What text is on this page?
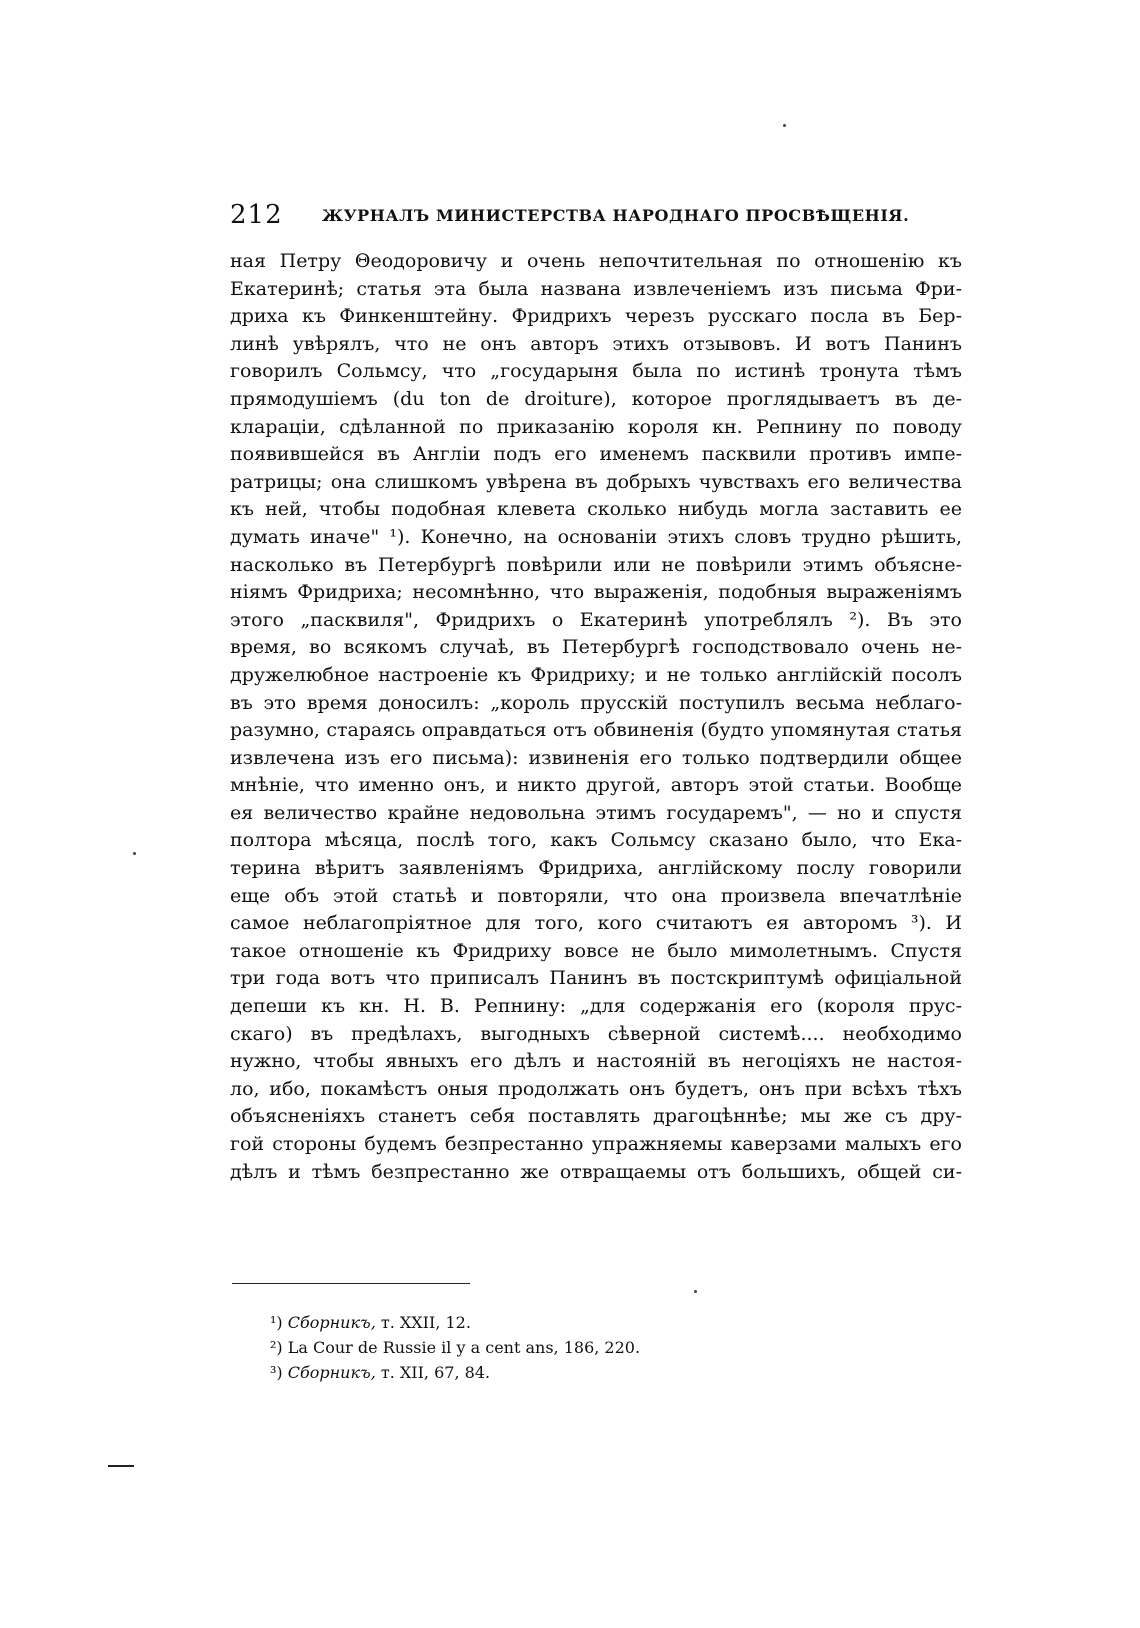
212 ЖУРНАЛЪ МИНИСТЕРСТВА НАРОДНАГО ПРОСВѢЩЕНІЯ.
ная Петру Θеодоровичу и очень непочтительная по отношенію къ
Екатеринѣ; статья эта была названа извлеченіемъ изъ письма Фри-
дриха къ Финкенштейну. Фридрихъ черезъ русскаго посла въ Бер-
линѣ увѣрялъ, что не онъ авторъ этихъ отзывовъ. И вотъ Панинъ
говорилъ Сольмсу, что „государыня была по истинѣ тронута тѣмъ
прямодушіемъ (du ton de droiture), которое проглядываетъ въ де-
клараціи, сдѣланной по приказанію короля кн. Репнину по поводу
появившейся въ Англіи подъ его именемъ пасквили противъ импе-
ратрицы; она слишкомъ увѣрена въ добрыхъ чувствахъ его величества
къ ней, чтобы подобная клевета сколько нибудь могла заставить ее
думать иначе" ¹). Конечно, на основаніи этихъ словъ трудно рѣшить,
насколько въ Петербургѣ повѣрили или не повѣрили этимъ объясне-
ніямъ Фридриха; несомнѣнно, что выраженія, подобныя выраженіямъ
этого „пасквиля", Фридрихъ о Екатеринѣ употреблялъ ²). Въ это
время, во всякомъ случаѣ, въ Петербургѣ господствовало очень не-
дружелюбное настроеніе къ Фридриху; и не только англійскій посолъ
въ это время доносилъ: „король прусскій поступилъ весьма неблаго-
разумно, стараясь оправдаться отъ обвиненія (будто упомянутая статья
извлечена изъ его письма): извиненія его только подтвердили общее
мнѣніе, что именно онъ, и никто другой, авторъ этой статьи. Вообще
ея величество крайне недовольна этимъ государемъ", — но и спустя
полтора мѣсяца, послѣ того, какъ Сольмсу сказано было, что Ека-
терина вѣритъ заявленіямъ Фридриха, англійскому послу говорили
еще объ этой статьѣ и повторяли, что она произвела впечатлѣніе
самое неблагопріятное для того, кого считаютъ ея авторомъ ³). И
такое отношеніе къ Фридриху вовсе не было мимолетнымъ. Спустя
три года вотъ что приписалъ Панинъ въ постскриптумѣ офиціальной
депеши къ кн. Н. В. Репнину: „для содержанія его (короля прус-
скаго) въ предѣлахъ, выгодныхъ сѣверной системѣ.... необходимо
нужно, чтобы явныхъ его дѣлъ и настояній въ негоціяхъ не настоя-
ло, ибо, покамѣстъ оныя продолжать онъ будетъ, онъ при всѣхъ тѣхъ
объясненіяхъ станетъ себя поставлять драгоцѣннѣе; мы же съ дру-
гой стороны будемъ безпрестанно упражняемы каверзами малыхъ его
дѣлъ и тѣмъ безпрестанно же отвращаемы отъ большихъ, общей си-
¹) Сборникъ, т. XXII, 12.
²) La Cour de Russie il y a cent ans, 186, 220.
³) Сборникъ, т. XII, 67, 84.
